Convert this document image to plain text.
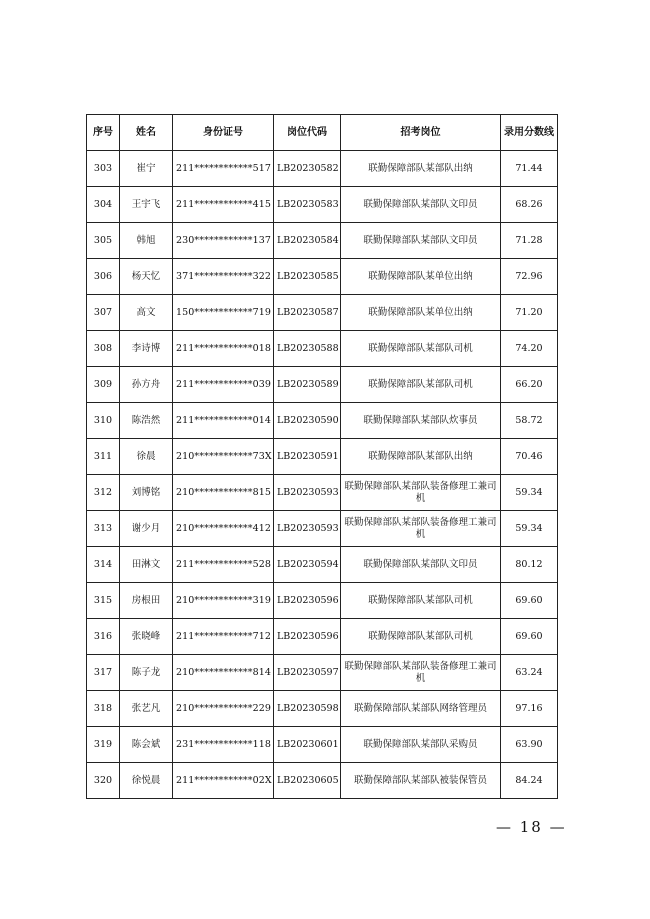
序号	姓名	身份证号	岗位代码	招考岗位	录用分数线
303	崔宁	211************517	LB20230582	联勤保障部队某部队出纳	71.44
304	王宇飞	211************415	LB20230583	联勤保障部队某部队文印员	68.26
305	韩旭	230************137	LB20230584	联勤保障部队某部队文印员	71.28
306	杨天忆	371************322	LB20230585	联勤保障部队某单位出纳	72.96
307	高文	150************719	LB20230587	联勤保障部队某单位出纳	71.20
308	李诗博	211************018	LB20230588	联勤保障部队某部队司机	74.20
309	孙方舟	211************039	LB20230589	联勤保障部队某部队司机	66.20
310	陈浩然	211************014	LB20230590	联勤保障部队某部队炊事员	58.72
311	徐晨	210************73X	LB20230591	联勤保障部队某部队出纳	70.46
312	刘博铭	210************815	LB20230593	联勤保障部队某部队装备修理工兼司机	59.34
313	谢少月	210************412	LB20230593	联勤保障部队某部队装备修理工兼司机	59.34
314	田淋文	211************528	LB20230594	联勤保障部队某部队文印员	80.12
315	房根田	210************319	LB20230596	联勤保障部队某部队司机	69.60
316	张晓峰	211************712	LB20230596	联勤保障部队某部队司机	69.60
317	陈子龙	210************814	LB20230597	联勤保障部队某部队装备修理工兼司机	63.24
318	张艺凡	210************229	LB20230598	联勤保障部队某部队网络管理员	97.16
319	陈会斌	231************118	LB20230601	联勤保障部队某部队采购员	63.90
320	徐悦晨	211************02X	LB20230605	联勤保障部队某部队被装保管员	84.24
— 18 —
